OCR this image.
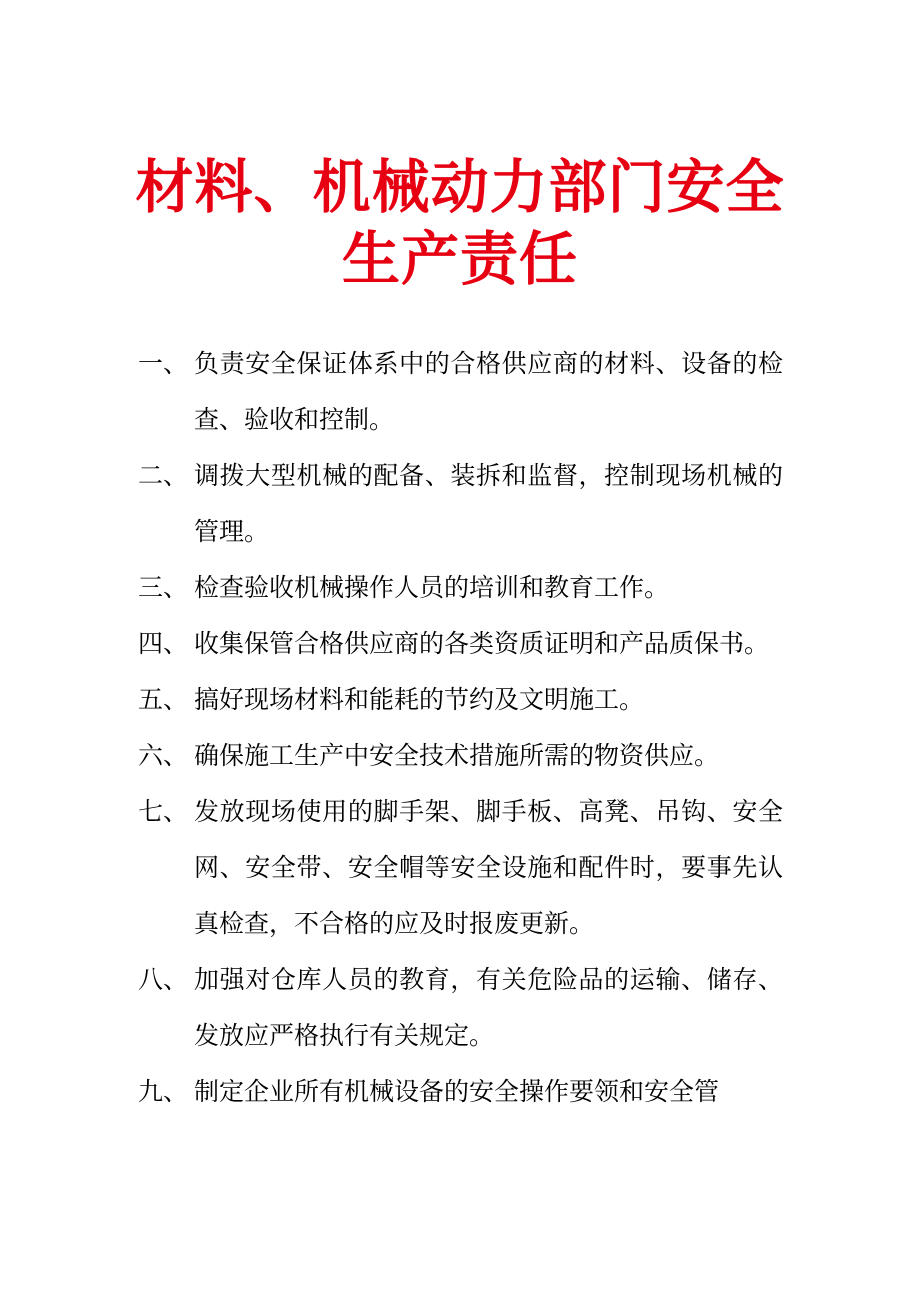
材料、机械动力部门安全
生产责任
一、 负责安全保证体系中的合格供应商的材料、设备的检查、验收和控制。
二、 调拨大型机械的配备、装拆和监督，控制现场机械的管理。
三、 检查验收机械操作人员的培训和教育工作。
四、 收集保管合格供应商的各类资质证明和产品质保书。
五、 搞好现场材料和能耗的节约及文明施工。
六、 确保施工生产中安全技术措施所需的物资供应。
七、 发放现场使用的脚手架、脚手板、高凳、吊钩、安全网、安全带、安全帽等安全设施和配件时，要事先认真检查，不合格的应及时报废更新。
八、 加强对仓库人员的教育，有关危险品的运输、储存、发放应严格执行有关规定。
九、 制定企业所有机械设备的安全操作要领和安全管
